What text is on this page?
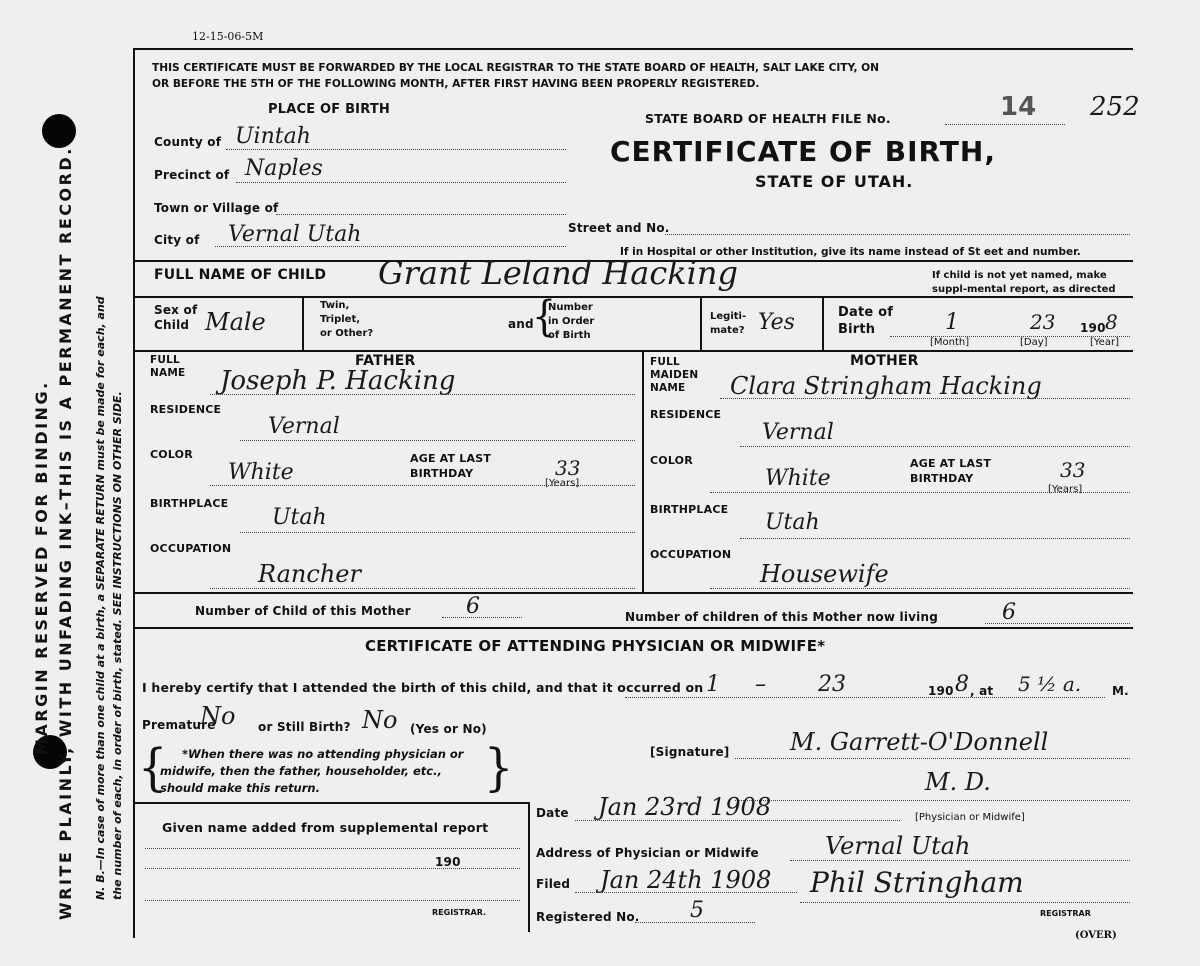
MARGIN RESERVED FOR BINDING. WRITE PLAINLY, WITH UNFADING INK–THIS IS A PERMANENT RECORD. N. B.—In case of more than one child at a birth, a SEPARATE RETURN must be made for each, and the number of each, in order of birth, stated. SEE INSTRUCTIONS ON OTHER SIDE.
12-15-06-5M
THIS CERTIFICATE MUST BE FORWARDED BY THE LOCAL REGISTRAR TO THE STATE BOARD OF HEALTH, SALT LAKE CITY, ON
OR BEFORE THE 5TH OF THE FOLLOWING MONTH, AFTER FIRST HAVING BEEN PROPERLY REGISTERED.
PLACE OF BIRTH
STATE BOARD OF HEALTH FILE No.	14 252
CERTIFICATE OF BIRTH,
STATE OF UTAH.
County of Uintah
Precinct of Naples
Town or Village of
City of Vernal Utah	Street and No.
If in Hospital or other Institution, give its name instead of St eet and number.
FULL NAME OF CHILD Grant Leland Hacking	If child is not yet named, make
suppl-mental report, as directed
Sex of
Child Male
Twin,
Triplet,
or Other?
and
{
Number
in Order
of Birth
Legiti-
mate? Yes	Date of
Birth	1	23 190 8
[Month]	[Day]	[Year]
FULL
NAME
FATHER
Joseph P. Hacking
RESIDENCE
Vernal
COLOR
White
AGE AT LAST
BIRTHDAY	33
[Years]
BIRTHPLACE
Utah
OCCUPATION
Rancher
FULL
MAIDEN
NAME
MOTHER
Clara Stringham Hacking
RESIDENCE
Vernal
COLOR
White
AGE AT LAST
BIRTHDAY	33
[Years]
BIRTHPLACE
Utah
OCCUPATION
Housewife
Number of Child of this Mother	6	Number of children of this Mother now living	6
CERTIFICATE OF ATTENDING PHYSICIAN OR MIDWIFE*
I hereby certify that I attended the birth of this child, and that it occurred on 1 – 23	190 8 , at 5 ½ a.	M.
Premature
No or Still Birth? No (Yes or No)
{ *When there was no attending physician or
midwife, then the father, householder, etc.,
should make this return.	}	[Signature]	M. Garrett-O'Donnell
M. D.
Date Jan 23rd 1908	[Physician or Midwife]
Address of Physician or Midwife	Vernal Utah
Given name added from supplemental report
190
REGISTRAR.
Filed Jan 24th 1908 Phil Stringham
REGISTRAR
Registered No. 5
(OVER)
